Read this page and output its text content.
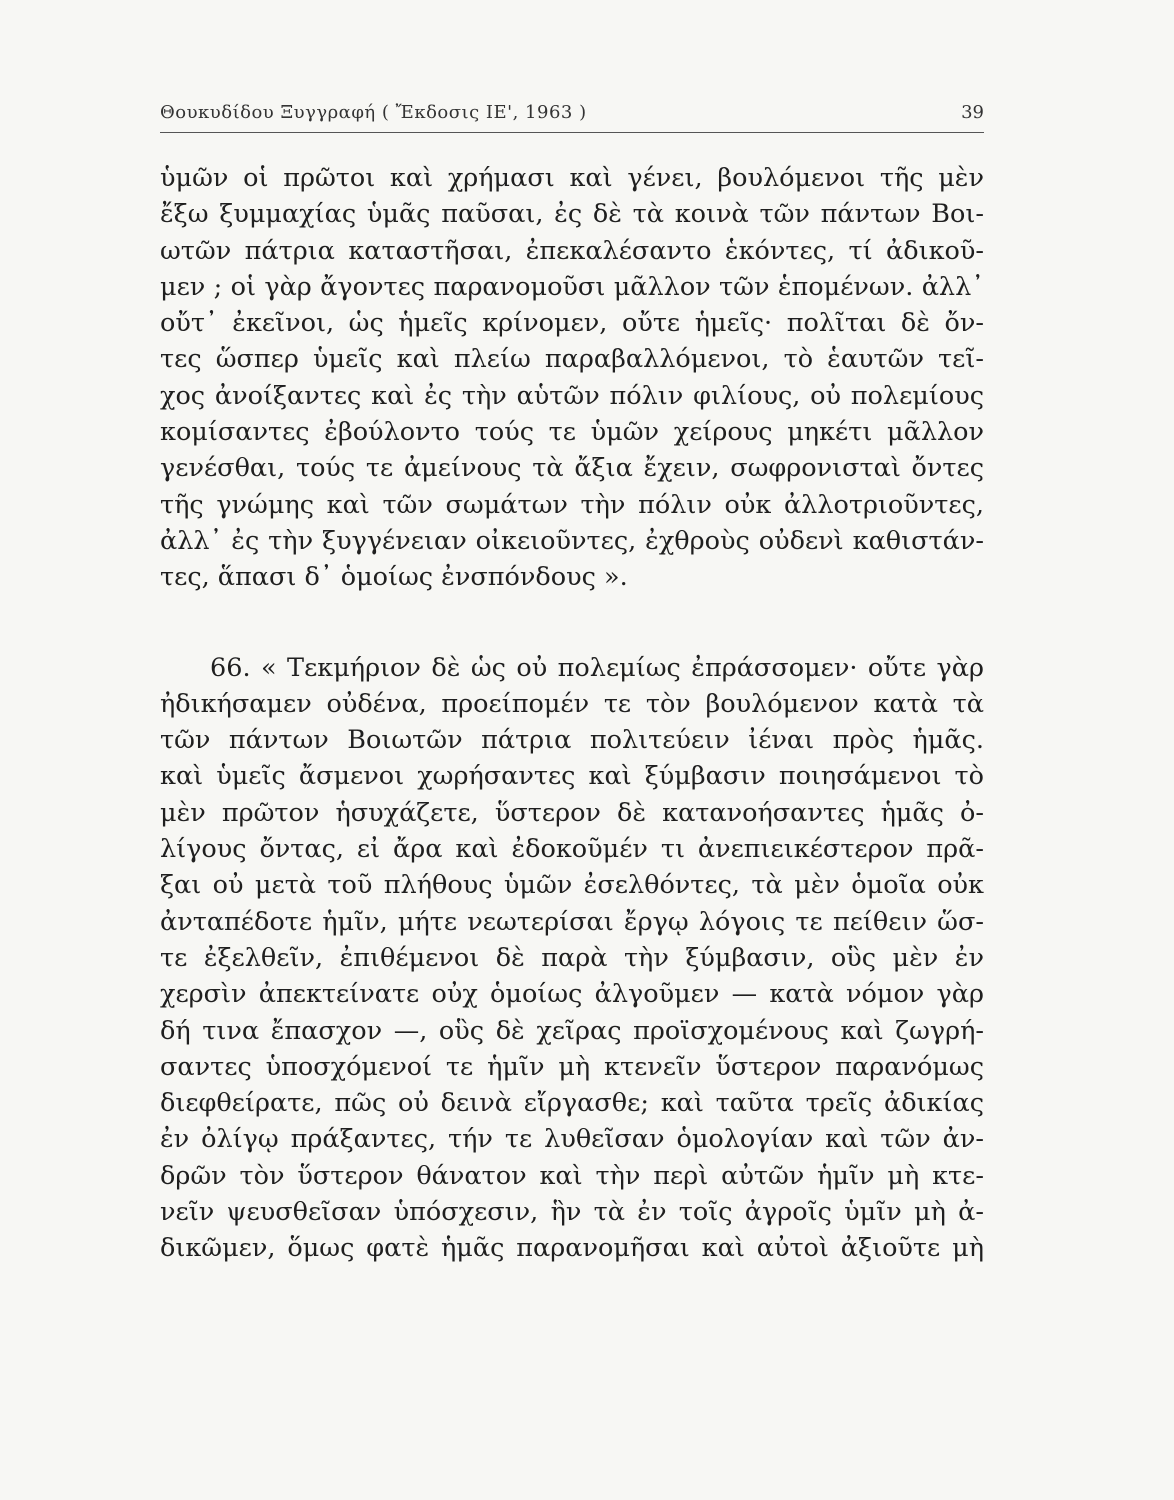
Θουκυδίδου Ξυγγραφή ( Ἔκδοσις ΙΕ', 1963 )	39
ὑμῶν οἱ πρῶτοι καὶ χρήμασι καὶ γένει, βουλόμενοι τῆς μὲν
ἔξω ξυμμαχίας ὑμᾶς παῦσαι, ἐς δὲ τὰ κοινὰ τῶν πάντων Βοι-
ωτῶν πάτρια καταστῆσαι, ἐπεκαλέσαντο ἑκόντες, τί ἀδικοῦ-
μεν ; οἱ γὰρ ἄγοντες παρανομοῦσι μᾶλλον τῶν ἑπομένων. ἀλλ᾿
οὔτ᾿ ἐκεῖνοι, ὡς ἡμεῖς κρίνομεν, οὔτε ἡμεῖς· πολῖται δὲ ὄν-
τες ὥσπερ ὑμεῖς καὶ πλείω παραβαλλόμενοι, τὸ ἑαυτῶν τεῖ-
χος ἀνοίξαντες καὶ ἐς τὴν αὑτῶν πόλιν φιλίους, οὐ πολεμίους
κομίσαντες ἐβούλοντο τούς τε ὑμῶν χείρους μηκέτι μᾶλλον
γενέσθαι, τούς τε ἀμείνους τὰ ἄξια ἔχειν, σωφρονισταὶ ὄντες
τῆς γνώμης καὶ τῶν σωμάτων τὴν πόλιν οὐκ ἀλλοτριοῦντες,
ἀλλ᾿ ἐς τὴν ξυγγένειαν οἰκειοῦντες, ἐχθροὺς οὐδενὶ καθιστάν-
τες, ἅπασι δ᾿ ὁμοίως ἐνσπόνδους ».
66. « Τεκμήριον δὲ ὡς οὐ πολεμίως ἐπράσσομεν· οὔτε γὰρ
ἠδικήσαμεν οὐδένα, προείπομέν τε τὸν βουλόμενον κατὰ τὰ
τῶν πάντων Βοιωτῶν πάτρια πολιτεύειν ἰέναι πρὸς ἡμᾶς.
καὶ ὑμεῖς ἄσμενοι χωρήσαντες καὶ ξύμβασιν ποιησάμενοι τὸ
μὲν πρῶτον ἡσυχάζετε, ὕστερον δὲ κατανοήσαντες ἡμᾶς ὀ-
λίγους ὄντας, εἰ ἄρα καὶ ἐδοκοῦμέν τι ἀνεπιεικέστερον πρᾶ-
ξαι οὐ μετὰ τοῦ πλήθους ὑμῶν ἐσελθόντες, τὰ μὲν ὁμοῖα οὐκ
ἀνταπέδοτε ἡμῖν, μήτε νεωτερίσαι ἔργῳ λόγοις τε πείθειν ὥσ-
τε ἐξελθεῖν, ἐπιθέμενοι δὲ παρὰ τὴν ξύμβασιν, οὓς μὲν ἐν
χερσὶν ἀπεκτείνατε οὐχ ὁμοίως ἀλγοῦμεν — κατὰ νόμον γὰρ
δή τινα ἔπασχον —, οὓς δὲ χεῖρας προϊσχομένους καὶ ζωγρή-
σαντες ὑποσχόμενοί τε ἡμῖν μὴ κτενεῖν ὕστερον παρανόμως
διεφθείρατε, πῶς οὐ δεινὰ εἴργασθε; καὶ ταῦτα τρεῖς ἀδικίας
ἐν ὀλίγῳ πράξαντες, τήν τε λυθεῖσαν ὁμολογίαν καὶ τῶν ἀν-
δρῶν τὸν ὕστερον θάνατον καὶ τὴν περὶ αὐτῶν ἡμῖν μὴ κτε-
νεῖν ψευσθεῖσαν ὑπόσχεσιν, ἣν τὰ ἐν τοῖς ἀγροῖς ὑμῖν μὴ ἀ-
δικῶμεν, ὅμως φατὲ ἡμᾶς παρανομῆσαι καὶ αὐτοὶ ἀξιοῦτε μὴ
